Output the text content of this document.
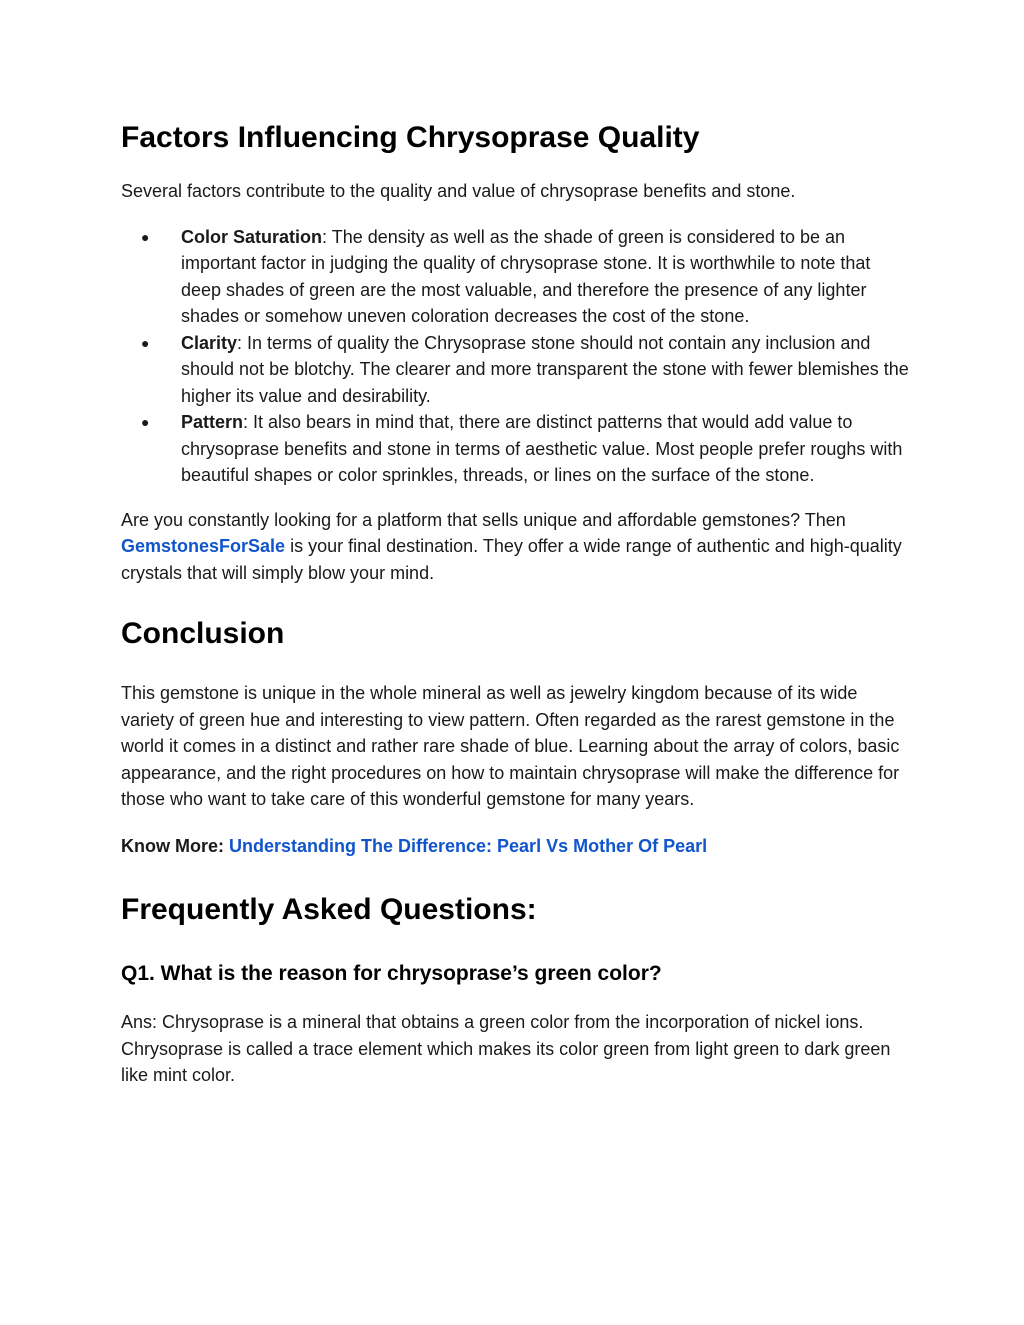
Factors Influencing Chrysoprase Quality

Several factors contribute to the quality and value of chrysoprase benefits and stone.

● Color Saturation: The density as well as the shade of green is considered to be an important factor in judging the quality of chrysoprase stone. It is worthwhile to note that deep shades of green are the most valuable, and therefore the presence of any lighter shades or somehow uneven coloration decreases the cost of the stone.
● Clarity: In terms of quality the Chrysoprase stone should not contain any inclusion and should not be blotchy. The clearer and more transparent the stone with fewer blemishes the higher its value and desirability.
● Pattern: It also bears in mind that, there are distinct patterns that would add value to chrysoprase benefits and stone in terms of aesthetic value. Most people prefer roughs with beautiful shapes or color sprinkles, threads, or lines on the surface of the stone.

Are you constantly looking for a platform that sells unique and affordable gemstones? Then GemstonesForSale is your final destination. They offer a wide range of authentic and high-quality crystals that will simply blow your mind.

Conclusion

This gemstone is unique in the whole mineral as well as jewelry kingdom because of its wide variety of green hue and interesting to view pattern. Often regarded as the rarest gemstone in the world it comes in a distinct and rather rare shade of blue. Learning about the array of colors, basic appearance, and the right procedures on how to maintain chrysoprase will make the difference for those who want to take care of this wonderful gemstone for many years.

Know More: Understanding The Difference: Pearl Vs Mother Of Pearl

Frequently Asked Questions:
Q1. What is the reason for chrysoprase’s green color?

Ans: Chrysoprase is a mineral that obtains a green color from the incorporation of nickel ions. Chrysoprase is called a trace element which makes its color green from light green to dark green like mint color.
